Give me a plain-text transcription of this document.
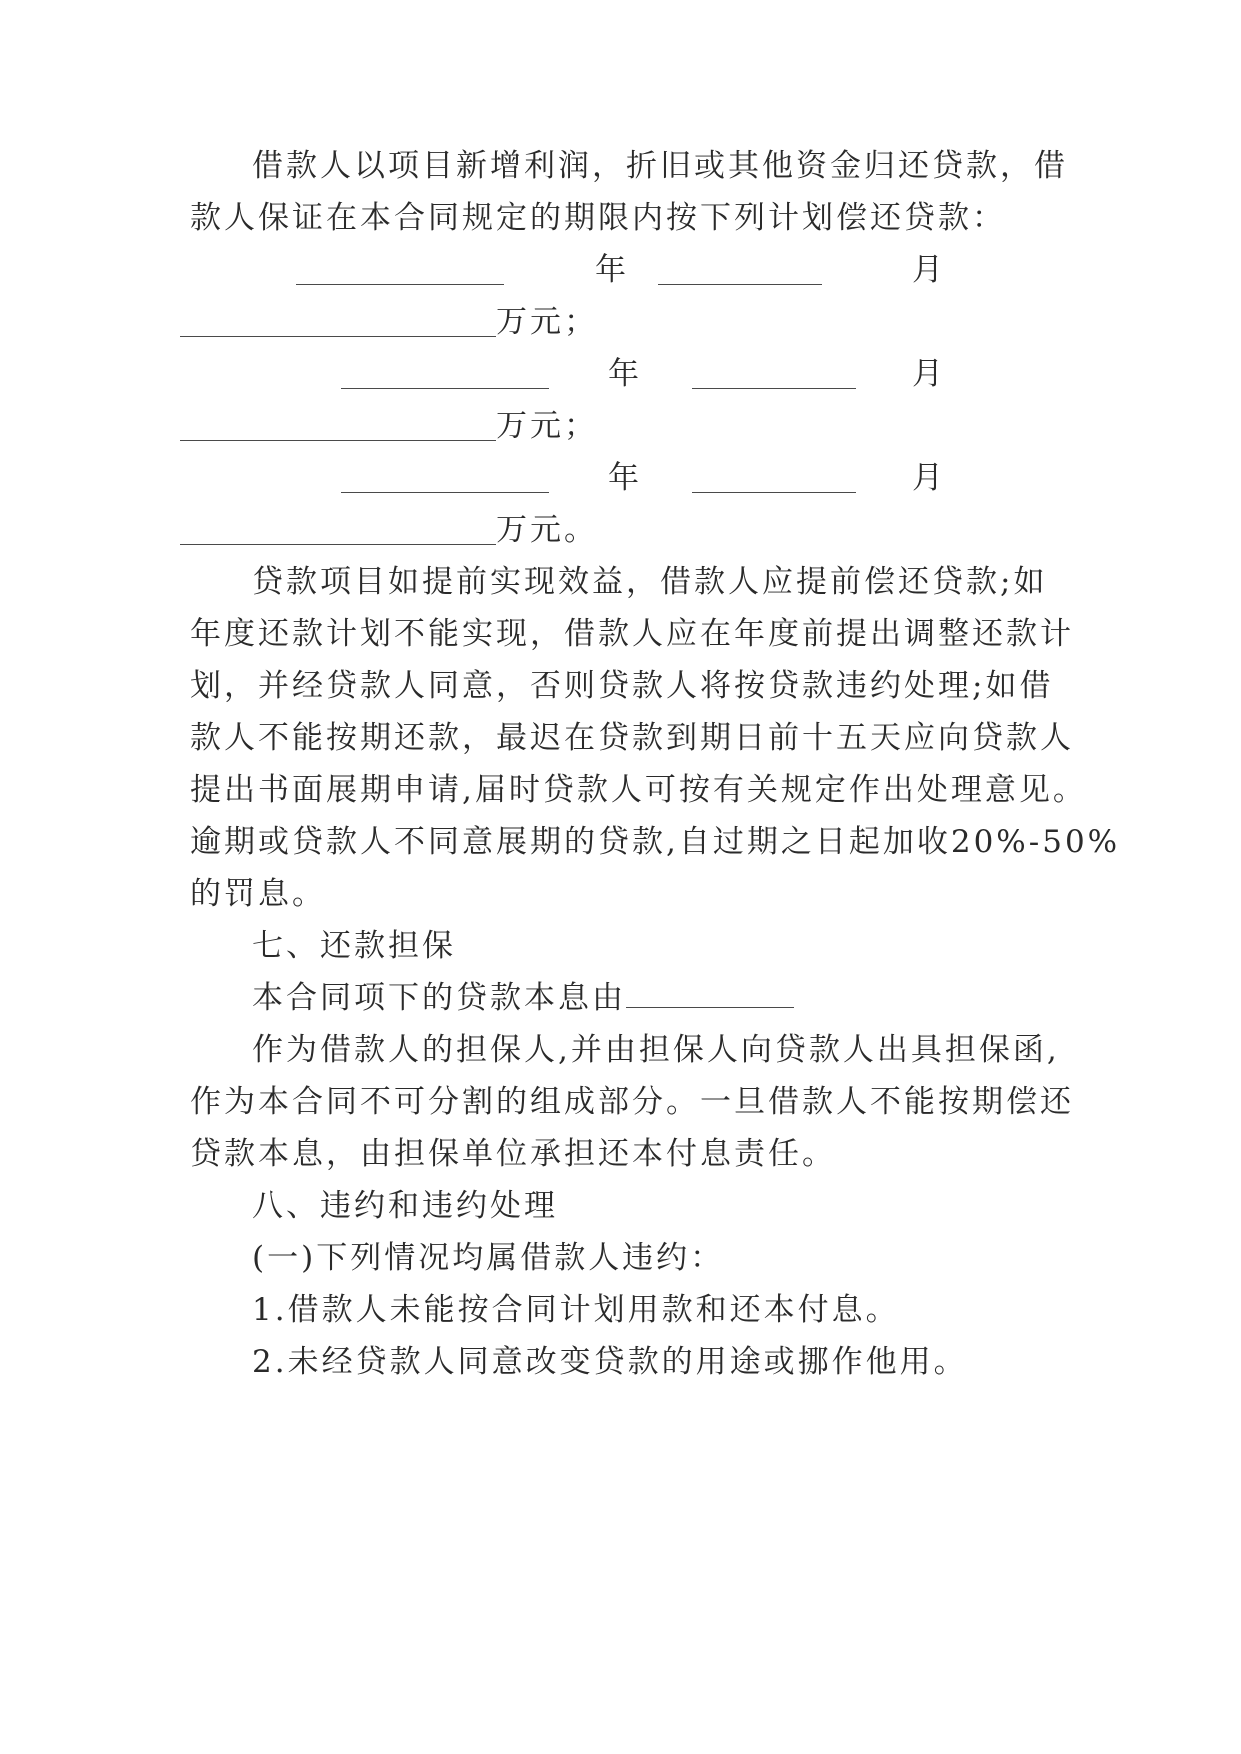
借款人以项目新增利润，折旧或其他资金归还贷款，借
款人保证在本合同规定的期限内按下列计划偿还贷款：
年	月
万元；
年	月
万元；
年	月
万元。
贷款项目如提前实现效益，借款人应提前偿还贷款;如
年度还款计划不能实现，借款人应在年度前提出调整还款计
划，并经贷款人同意，否则贷款人将按贷款违约处理;如借
款人不能按期还款，最迟在贷款到期日前十五天应向贷款人
提出书面展期申请,届时贷款人可按有关规定作出处理意见。
逾期或贷款人不同意展期的贷款,自过期之日起加收20%-50%
的罚息。
七、还款担保
本合同项下的贷款本息由
作为借款人的担保人,并由担保人向贷款人出具担保函,
作为本合同不可分割的组成部分。一旦借款人不能按期偿还
贷款本息，由担保单位承担还本付息责任。
八、违约和违约处理
(一)下列情况均属借款人违约：
1.借款人未能按合同计划用款和还本付息。
2.未经贷款人同意改变贷款的用途或挪作他用。
